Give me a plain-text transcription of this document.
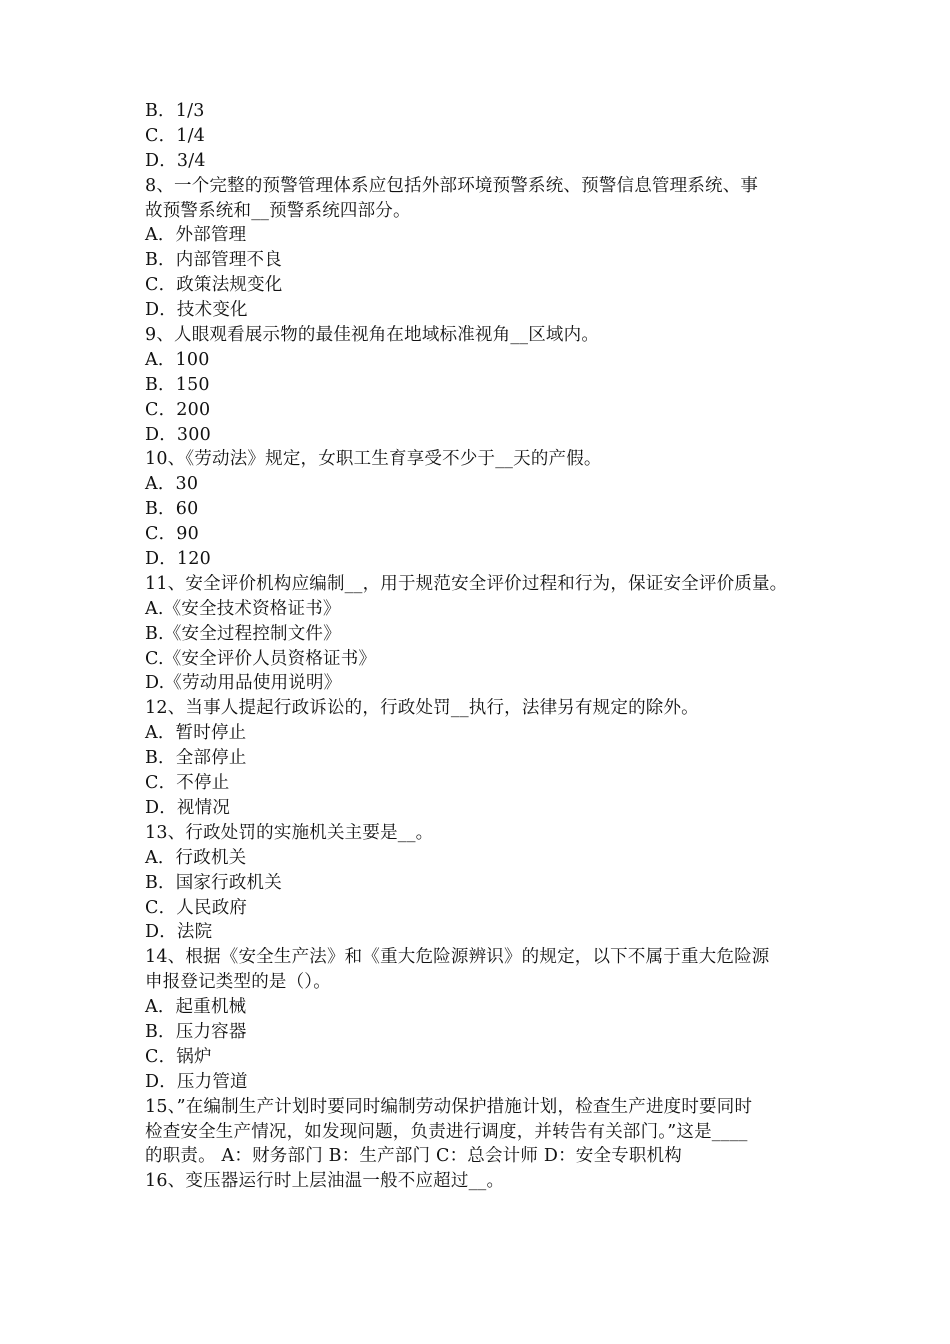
B．1/3
C．1/4
D．3/4
8、一个完整的预警管理体系应包括外部环境预警系统、预警信息管理系统、事
故预警系统和__预警系统四部分。
A．外部管理
B．内部管理不良
C．政策法规变化
D．技术变化
9、人眼观看展示物的最佳视角在地域标准视角__区域内。
A．100
B．150
C．200
D．300
10、《劳动法》规定，女职工生育享受不少于__天的产假。
A．30
B．60
C．90
D．120
11、安全评价机构应编制__，用于规范安全评价过程和行为，保证安全评价质量。
A.《安全技术资格证书》
B.《安全过程控制文件》
C.《安全评价人员资格证书》
D.《劳动用品使用说明》
12、当事人提起行政诉讼的，行政处罚__执行，法律另有规定的除外。
A．暂时停止
B．全部停止
C．不停止
D．视情况
13、行政处罚的实施机关主要是__。
A．行政机关
B．国家行政机关
C．人民政府
D．法院
14、根据《安全生产法》和《重大危险源辨识》的规定，以下不属于重大危险源
申报登记类型的是（）。
A．起重机械
B．压力容器
C．锅炉
D．压力管道
15、”在编制生产计划时要同时编制劳动保护措施计划，检查生产进度时要同时
检查安全生产情况，如发现问题，负责进行调度，并转告有关部门。”这是____
的职责。 A：财务部门 B：生产部门 C：总会计师 D：安全专职机构
16、变压器运行时上层油温一般不应超过__。
